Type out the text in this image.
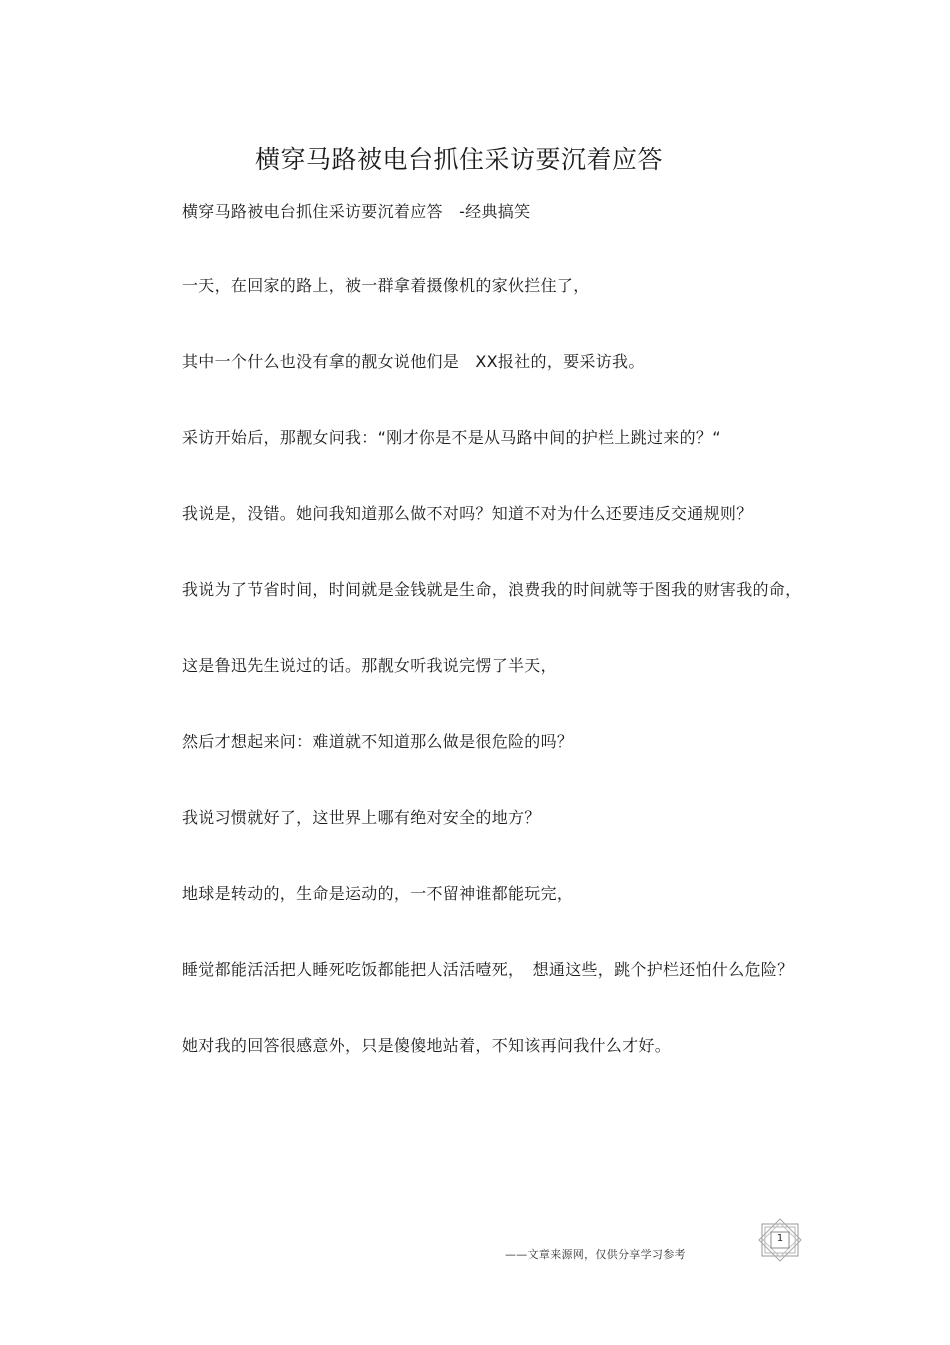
横穿马路被电台抓住采访要沉着应答

横穿马路被电台抓住采访要沉着应答　-经典搞笑

一天，在回家的路上，被一群拿着摄像机的家伙拦住了，

其中一个什么也没有拿的靓女说他们是　XX报社的，要采访我。

采访开始后，那靓女问我：“刚才你是不是从马路中间的护栏上跳过来的？“

我说是，没错。她问我知道那么做不对吗？知道不对为什么还要违反交通规则？

我说为了节省时间，时间就是金钱就是生命，浪费我的时间就等于图我的财害我的命，

这是鲁迅先生说过的话。那靓女听我说完愣了半天，

然后才想起来问：难道就不知道那么做是很危险的吗？

我说习惯就好了，这世界上哪有绝对安全的地方？

地球是转动的，生命是运动的，一不留神谁都能玩完，

睡觉都能活活把人睡死吃饭都能把人活活噎死，　想通这些，跳个护栏还怕什么危险？

她对我的回答很感意外，只是傻傻地站着，不知该再问我什么才好。

——文章来源网，仅供分享学习参考
1
